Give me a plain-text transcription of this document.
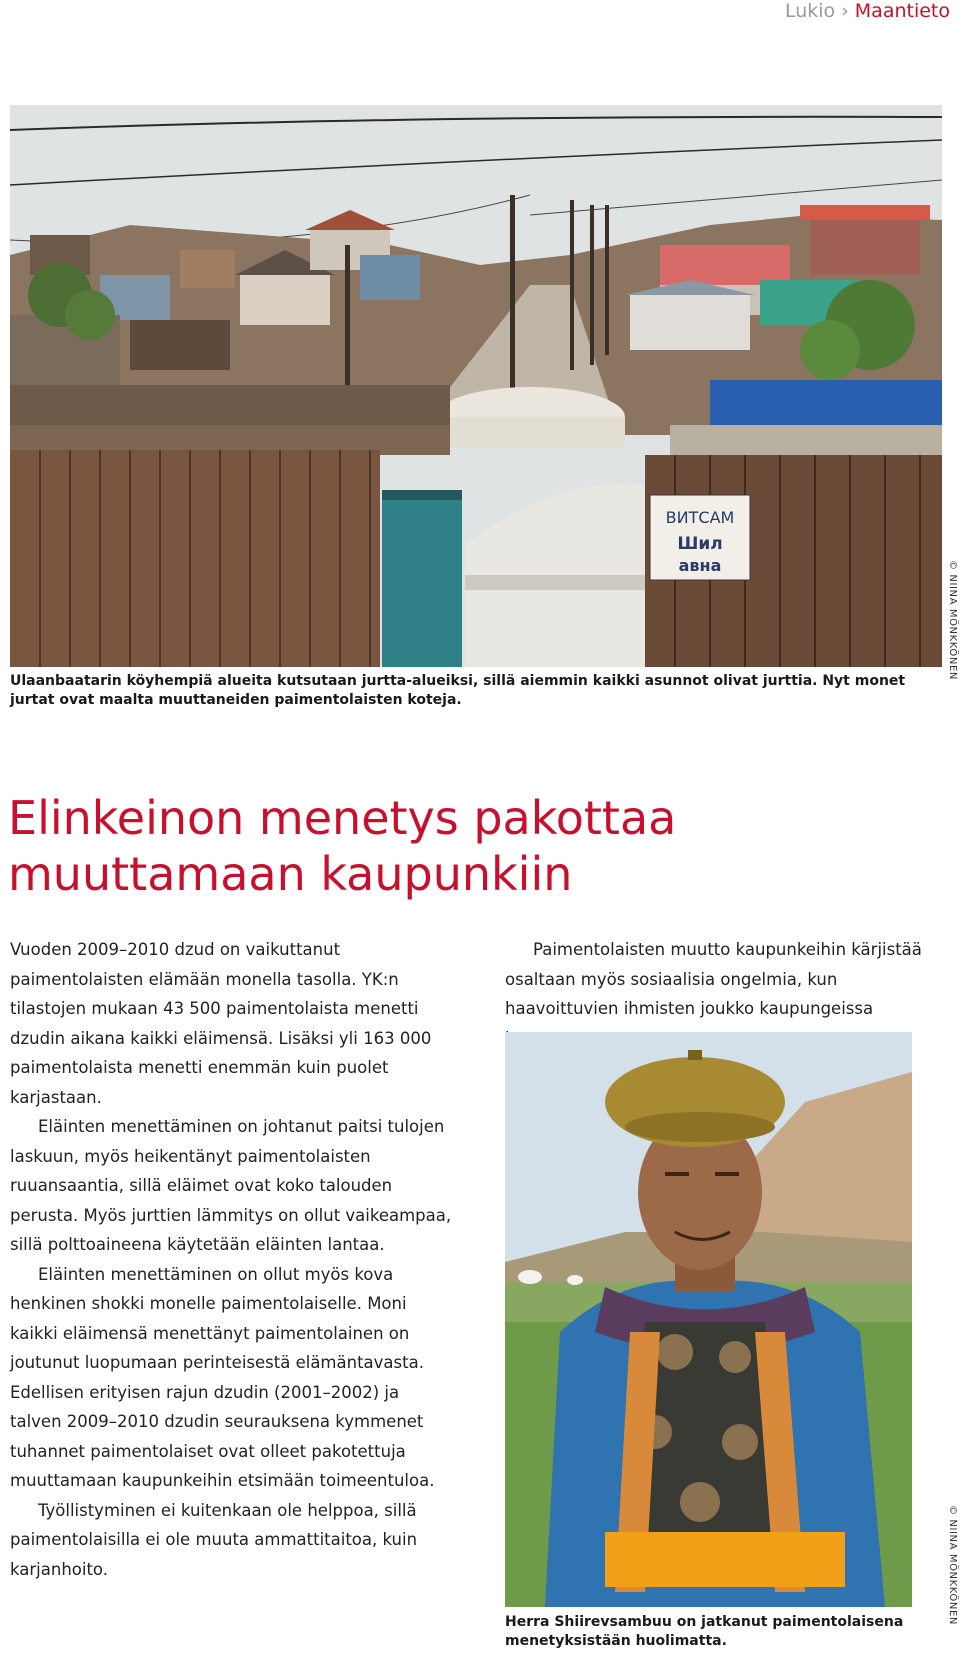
Lukio › Maantieto
ВИТСАМ
Шил
авна	© NIINA MÖNKKÖNEN
Ulaanbaatarin köyhempiä alueita kutsutaan jurtta-alueiksi, sillä aiemmin kaikki asunnot olivat jurttia. Nyt monet jurtat ovat maalta muuttaneiden paimentolaisten koteja.
Elinkeinon menetys pakottaa
muuttamaan kaupunkiin

Vuoden 2009–2010 dzud on vaikuttanut paimentolaisten elämään monella tasolla. YK:n tilastojen mukaan 43 500 paimentolaista menetti dzudin aikana kaikki eläimensä. Lisäksi yli 163 000 paimentolaista menetti enemmän kuin puolet karjastaan.

Eläinten menettäminen on johtanut paitsi tulojen laskuun, myös heikentänyt paimentolaisten ruuansaantia, sillä eläimet ovat koko talouden perusta. Myös jurttien lämmitys on ollut vaikeampaa, sillä polttoaineena käytetään eläinten lantaa.

Eläinten menettäminen on ollut myös kova henkinen shokki monelle paimentolaiselle. Moni kaikki eläimensä menettänyt paimentolainen on joutunut luopumaan perinteisestä elämäntavasta. Edellisen erityisen rajun dzudin (2001–2002) ja talven 2009–2010 dzudin seurauksena kymmenet tuhannet paimentolaiset ovat olleet pakotettuja muuttamaan kaupunkeihin etsimään toimeentuloa.

Työllistyminen ei kuitenkaan ole helppoa, sillä paimentolaisilla ei ole muuta ammattitaitoa, kuin karjanhoito.

Paimentolaisten muutto kaupunkeihin kärjistää osaltaan myös sosiaalisia ongelmia, kun haavoittuvien ihmisten joukko kaupungeissa

© NIINA MÖNKKÖNEN
Herra Shiirevsambuu on jatkanut paimentolaisena menetyksistään huolimatta.
